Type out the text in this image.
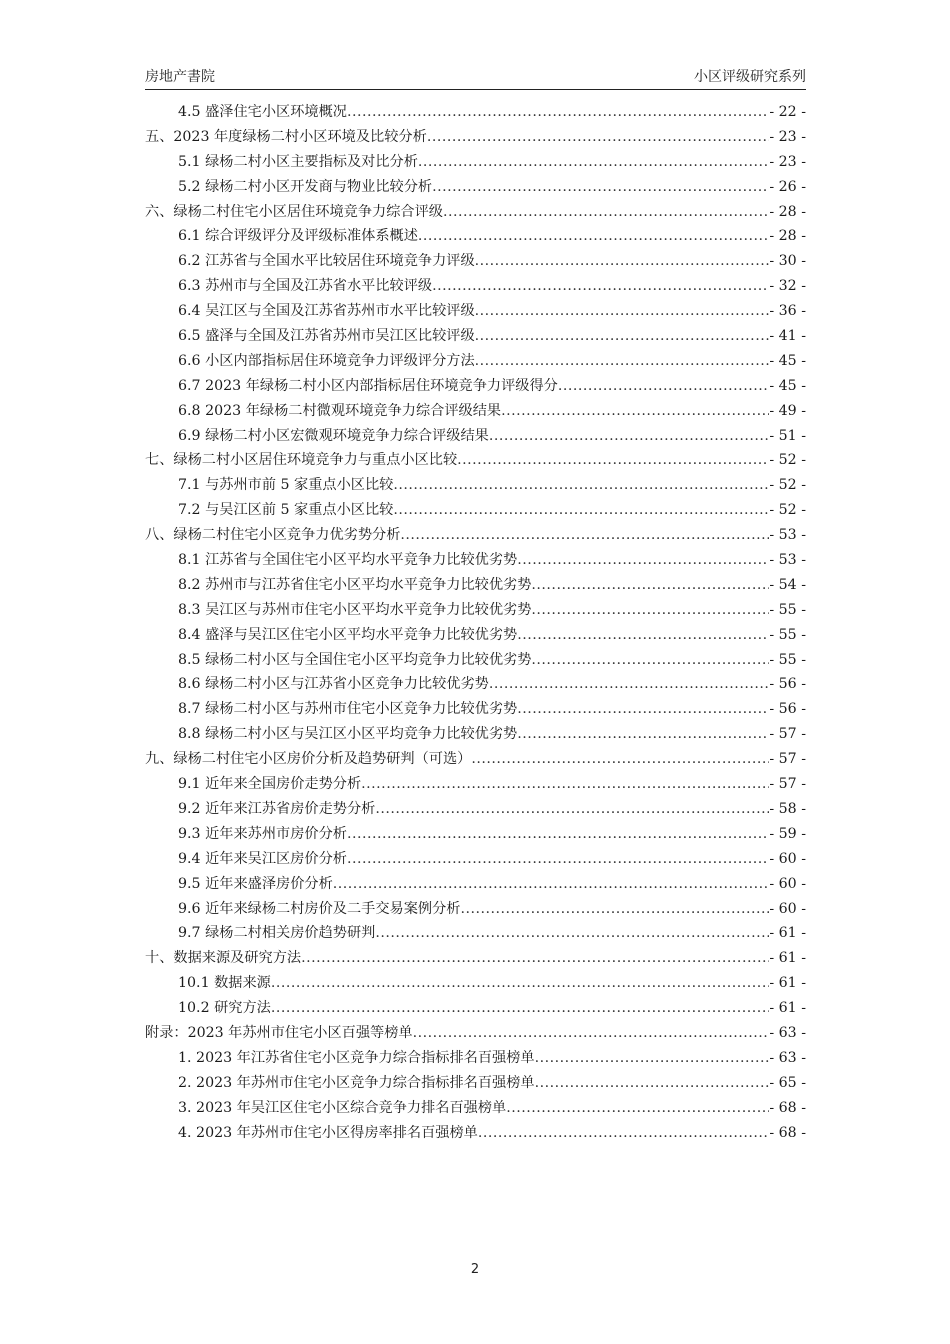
房地产書院	小区评级研究系列
4.5 盛泽住宅小区环境概况 .....	- 22 -
五、2023 年度绿杨二村小区环境及比较分析 .....	- 23 -
5.1 绿杨二村小区主要指标及对比分析 .....	- 23 -
5.2 绿杨二村小区开发商与物业比较分析 .....	- 26 -
六、绿杨二村住宅小区居住环境竞争力综合评级 .....	- 28 -
6.1 综合评级评分及评级标准体系概述 .....	- 28 -
6.2 江苏省与全国水平比较居住环境竞争力评级 .....	- 30 -
6.3 苏州市与全国及江苏省水平比较评级 .....	- 32 -
6.4 吴江区与全国及江苏省苏州市水平比较评级 .....	- 36 -
6.5 盛泽与全国及江苏省苏州市吴江区比较评级 .....	- 41 -
6.6 小区内部指标居住环境竞争力评级评分方法 .....	- 45 -
6.7 2023 年绿杨二村小区内部指标居住环境竞争力评级得分 .....	- 45 -
6.8 2023 年绿杨二村微观环境竞争力综合评级结果 .....	- 49 -
6.9 绿杨二村小区宏微观环境竞争力综合评级结果 .....	- 51 -
七、绿杨二村小区居住环境竞争力与重点小区比较 .....	- 52 -
7.1 与苏州市前 5 家重点小区比较 .....	- 52 -
7.2 与吴江区前 5 家重点小区比较 .....	- 52 -
八、绿杨二村住宅小区竞争力优劣势分析 .....	- 53 -
8.1 江苏省与全国住宅小区平均水平竞争力比较优劣势 .....	- 53 -
8.2 苏州市与江苏省住宅小区平均水平竞争力比较优劣势 .....	- 54 -
8.3 吴江区与苏州市住宅小区平均水平竞争力比较优劣势 .....	- 55 -
8.4 盛泽与吴江区住宅小区平均水平竞争力比较优劣势 .....	- 55 -
8.5 绿杨二村小区与全国住宅小区平均竞争力比较优劣势 .....	- 55 -
8.6 绿杨二村小区与江苏省小区竞争力比较优劣势 .....	- 56 -
8.7 绿杨二村小区与苏州市住宅小区竞争力比较优劣势 .....	- 56 -
8.8 绿杨二村小区与吴江区小区平均竞争力比较优劣势 .....	- 57 -
九、绿杨二村住宅小区房价分析及趋势研判（可选） .....	- 57 -
9.1 近年来全国房价走势分析 .....	- 57 -
9.2 近年来江苏省房价走势分析 .....	- 58 -
9.3 近年来苏州市房价分析 .....	- 59 -
9.4 近年来吴江区房价分析 .....	- 60 -
9.5 近年来盛泽房价分析 .....	- 60 -
9.6 近年来绿杨二村房价及二手交易案例分析 .....	- 60 -
9.7 绿杨二村相关房价趋势研判 .....	- 61 -
十、数据来源及研究方法 .....	- 61 -
10.1 数据来源 .....	- 61 -
10.2 研究方法 .....	- 61 -
附录：2023 年苏州市住宅小区百强等榜单 .....	- 63 -
1. 2023 年江苏省住宅小区竞争力综合指标排名百强榜单 .....	- 63 -
2. 2023 年苏州市住宅小区竞争力综合指标排名百强榜单 .....	- 65 -
3. 2023 年吴江区住宅小区综合竞争力排名百强榜单 .....	- 68 -
4. 2023 年苏州市住宅小区得房率排名百强榜单 .....	- 68 -
2
